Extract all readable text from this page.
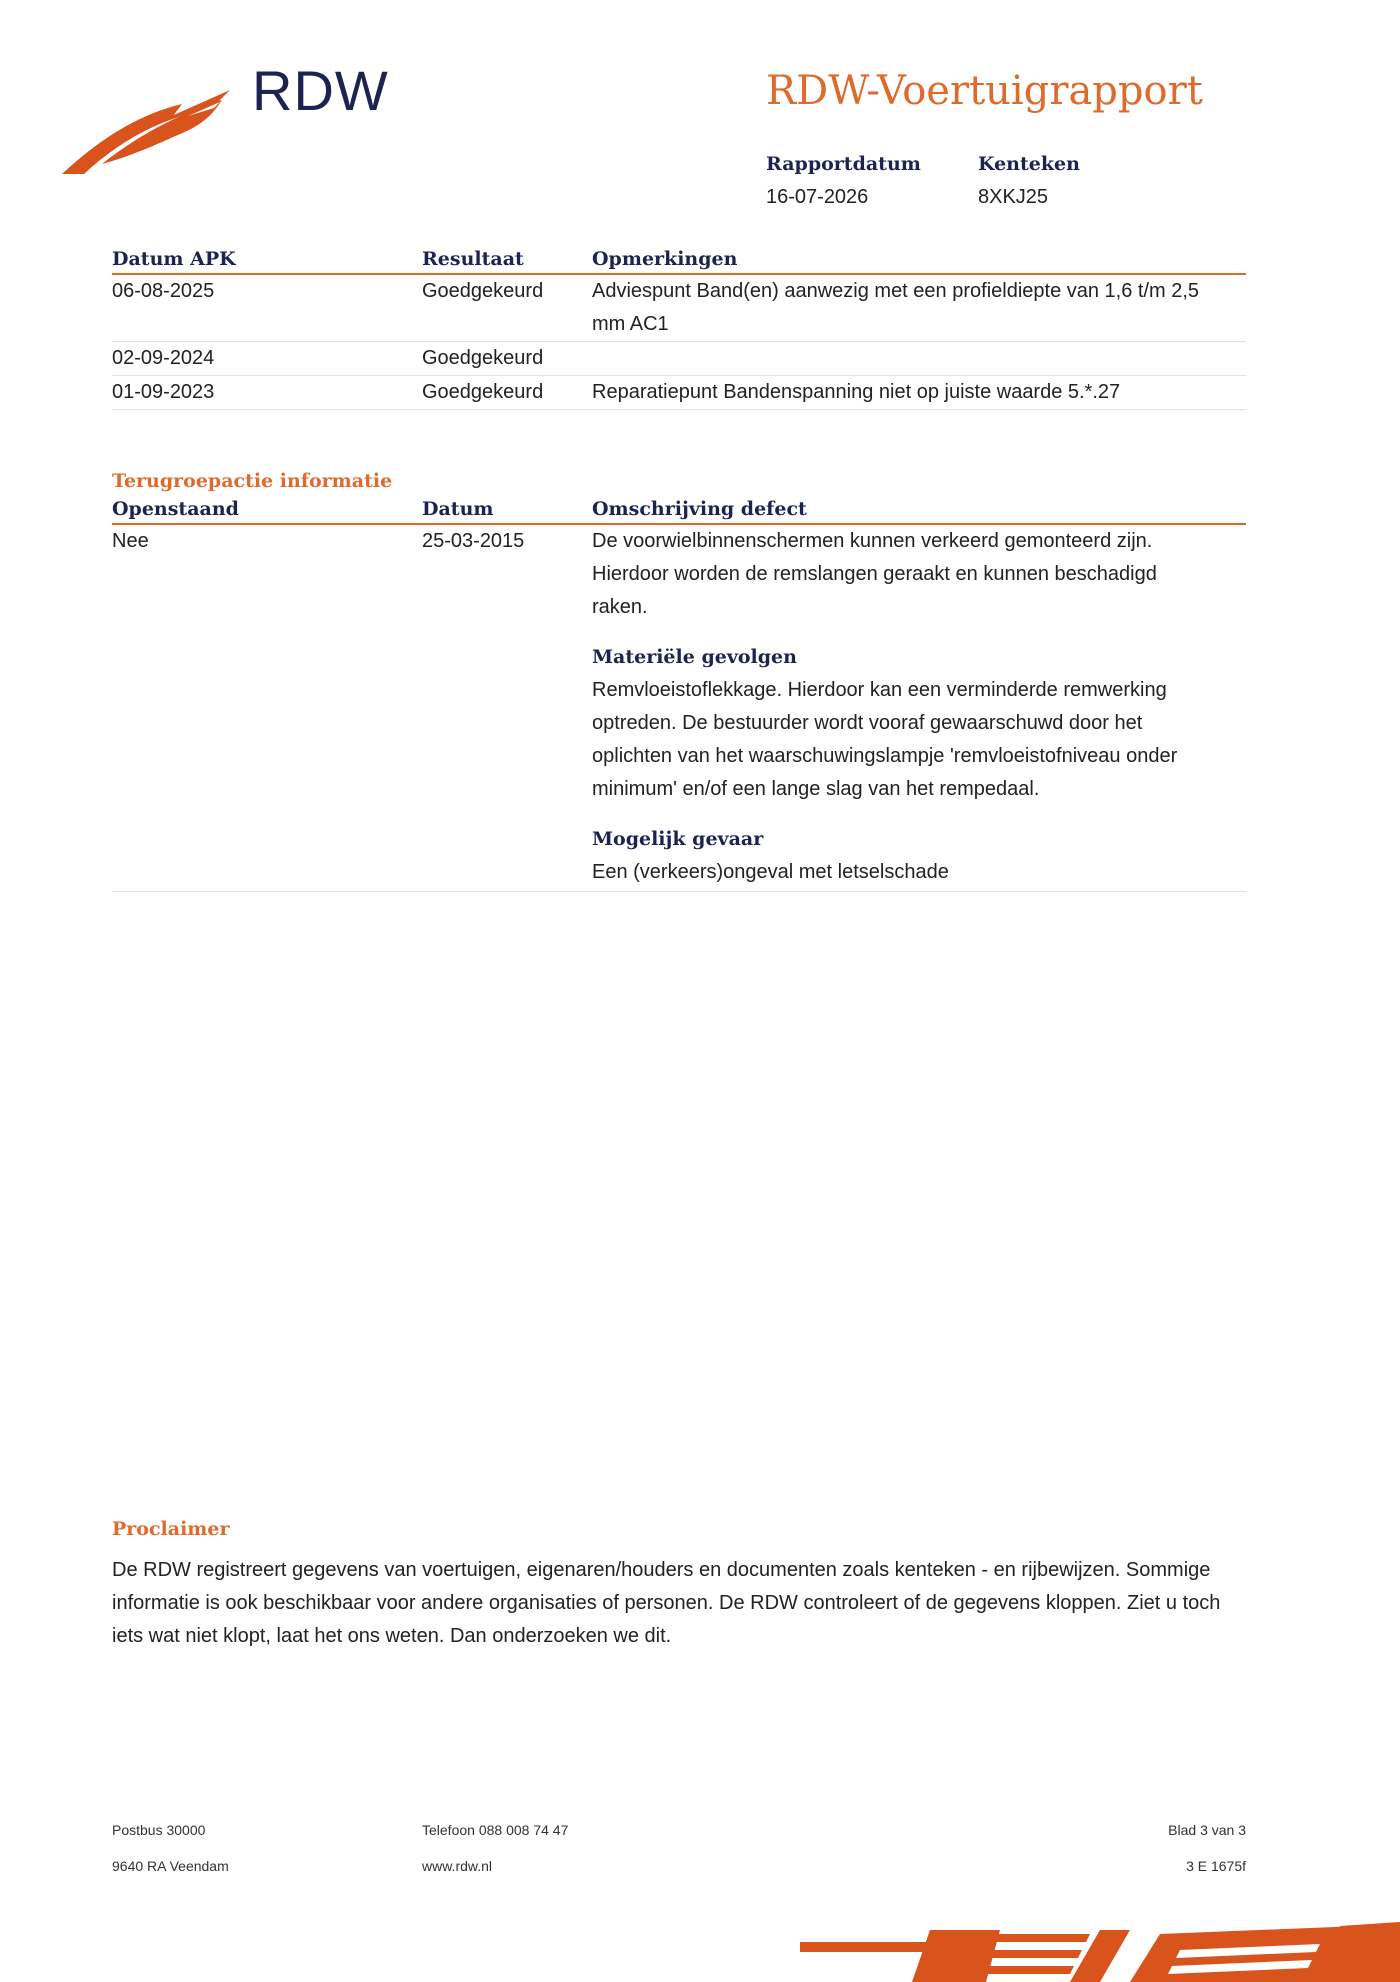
RDW	RDW-Voertuigrapport
Rapportdatum
16-07-2026
Kenteken
8XKJ25
Datum APK	Resultaat	Opmerkingen
06-08-2025	Goedgekeurd	Adviespunt Band(en) aanwezig met een profieldiepte van 1,6 t/m 2,5 mm AC1
02-09-2024	Goedgekeurd
01-09-2023	Goedgekeurd	Reparatiepunt Bandenspanning niet op juiste waarde 5.*.27
Terugroepactie informatie
Openstaand	Datum	Omschrijving defect
Nee	25-03-2015	De voorwielbinnenschermen kunnen verkeerd gemonteerd zijn. Hierdoor worden de remslangen geraakt en kunnen beschadigd raken.
Materiële gevolgen
Remvloeistoflekkage. Hierdoor kan een verminderde remwerking optreden. De bestuurder wordt vooraf gewaarschuwd door het oplichten van het waarschuwingslampje 'remvloeistofniveau onder minimum' en/of een lange slag van het rempedaal.
Mogelijk gevaar
Een (verkeers)ongeval met letselschade
Proclaimer
De RDW registreert gegevens van voertuigen, eigenaren/houders en documenten zoals kenteken - en rijbewijzen. Sommige informatie is ook beschikbaar voor andere organisaties of personen. De RDW controleert of de gegevens kloppen. Ziet u toch iets wat niet klopt, laat het ons weten. Dan onderzoeken we dit.
Postbus 30000
9640 RA Veendam
Telefoon 088 008 74 47
www.rdw.nl
Blad 3 van 3
3 E 1675f
